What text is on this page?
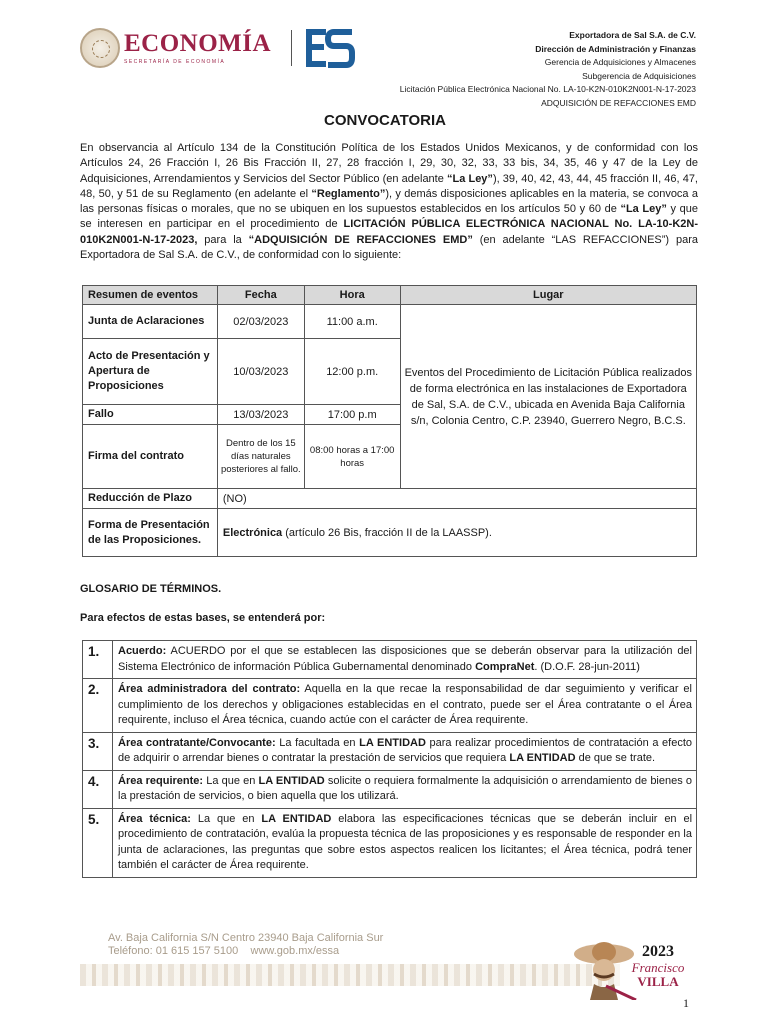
ECONOMÍA
SECRETARÍA DE ECONOMÍA
Exportadora de Sal S.A. de C.V.
Dirección de Administración y Finanzas
Gerencia de Adquisiciones y Almacenes
Subgerencia de Adquisiciones
Licitación Pública Electrónica Nacional No. LA-10-K2N-010K2N001-N-17-2023
ADQUISICIÓN DE REFACCIONES EMD
CONVOCATORIA
En observancia al Artículo 134 de la Constitución Política de los Estados Unidos Mexicanos, y de conformidad con los Artículos 24, 26 Fracción I, 26 Bis Fracción II, 27, 28 fracción I, 29, 30, 32, 33, 33 bis, 34, 35, 46 y 47 de la Ley de Adquisiciones, Arrendamientos y Servicios del Sector Público (en adelante “La Ley”), 39, 40, 42, 43, 44, 45 fracción II, 46, 47, 48, 50, y 51 de su Reglamento (en adelante el “Reglamento”), y demás disposiciones aplicables en la materia, se convoca a las personas físicas o morales, que no se ubiquen en los supuestos establecidos en los artículos 50 y 60 de “La Ley” y que se interesen en participar en el procedimiento de LICITACIÓN PÚBLICA ELECTRÓNICA NACIONAL No. LA-10-K2N-010K2N001-N-17-2023, para la “ADQUISICIÓN DE REFACCIONES EMD” (en adelante “LAS REFACCIONES”) para Exportadora de Sal S.A. de C.V., de conformidad con lo siguiente:
Resumen de eventos	Fecha	Hora	Lugar
Junta de Aclaraciones	02/03/2023	11:00 a.m.	Eventos del Procedimiento de Licitación Pública realizados de forma electrónica en las instalaciones de Exportadora de Sal, S.A. de C.V., ubicada en Avenida Baja California s/n, Colonia Centro, C.P. 23940, Guerrero Negro, B.C.S.
Acto de Presentación y Apertura de Proposiciones	10/03/2023	12:00 p.m.	
Fallo	13/03/2023	17:00 p.m	
Firma del contrato	Dentro de los 15 días naturales posteriores al fallo.	08:00 horas a 17:00 horas	
Reducción de Plazo	(NO)		
Forma de Presentación de las Proposiciones.	Electrónica (artículo 26 Bis, fracción II de la LAASSP).		
GLOSARIO DE TÉRMINOS.
Para efectos de estas bases, se entenderá por:
1.	Acuerdo: ACUERDO por el que se establecen las disposiciones que se deberán observar para la utilización del Sistema Electrónico de información Pública Gubernamental denominado CompraNet. (D.O.F. 28-jun-2011)
2.	Área administradora del contrato: Aquella en la que recae la responsabilidad de dar seguimiento y verificar el cumplimiento de los derechos y obligaciones establecidas en el contrato, puede ser el Área contratante o el Área requirente, incluso el Área técnica, cuando actúe con el carácter de Área requirente.
3.	Área contratante/Convocante: La facultada en LA ENTIDAD para realizar procedimientos de contratación a efecto de adquirir o arrendar bienes o contratar la prestación de servicios que requiera LA ENTIDAD de que se trate.
4.	Área requirente: La que en LA ENTIDAD solicite o requiera formalmente la adquisición o arrendamiento de bienes o la prestación de servicios, o bien aquella que los utilizará.
5.	Área técnica: La que en LA ENTIDAD elabora las especificaciones técnicas que se deberán incluir en el procedimiento de contratación, evalúa la propuesta técnica de las proposiciones y es responsable de responder en la junta de aclaraciones, las preguntas que sobre estos aspectos realicen los licitantes; el Área técnica, podrá tener también el carácter de Área requirente.
Av. Baja California S/N Centro 23940 Baja California Sur
Teléfono: 01 615 157 5100    www.gob.mx/essa	2023
Francisco
VILLA
1
